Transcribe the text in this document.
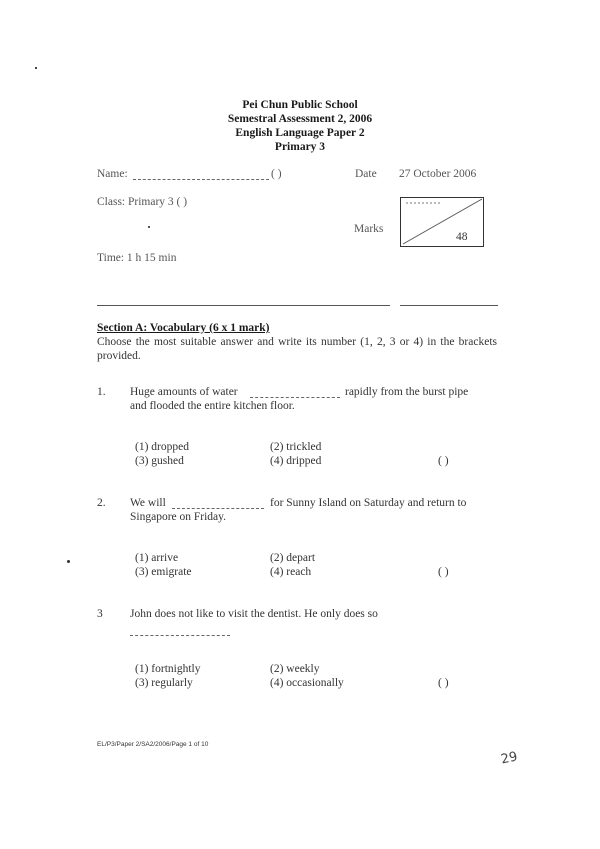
Pei Chun Public School
Semestral Assessment 2, 2006
English Language Paper 2
Primary 3
Name:	( )	Date 27 October 2006
Class: Primary 3 ( )
Marks
48
Time: 1 h 15 min
Section A: Vocabulary (6 x 1 mark)
Choose the most suitable answer and write its number (1, 2, 3 or 4) in the brackets provided.
1. Huge amounts of water	rapidly from the burst pipe
and flooded the entire kitchen floor.
(1) dropped	(2) trickled
(3) gushed	(4) dripped	( )
2. We will	for Sunny Island on Saturday and return to
Singapore on Friday.
(1) arrive	(2) depart
(3) emigrate	(4) reach	( )
3 John does not like to visit the dentist. He only does so
(1) fortnightly	(2) weekly
(3) regularly	(4) occasionally	( )
EL/P3/Paper 2/SA2/2006/Page 1 of 10
29
